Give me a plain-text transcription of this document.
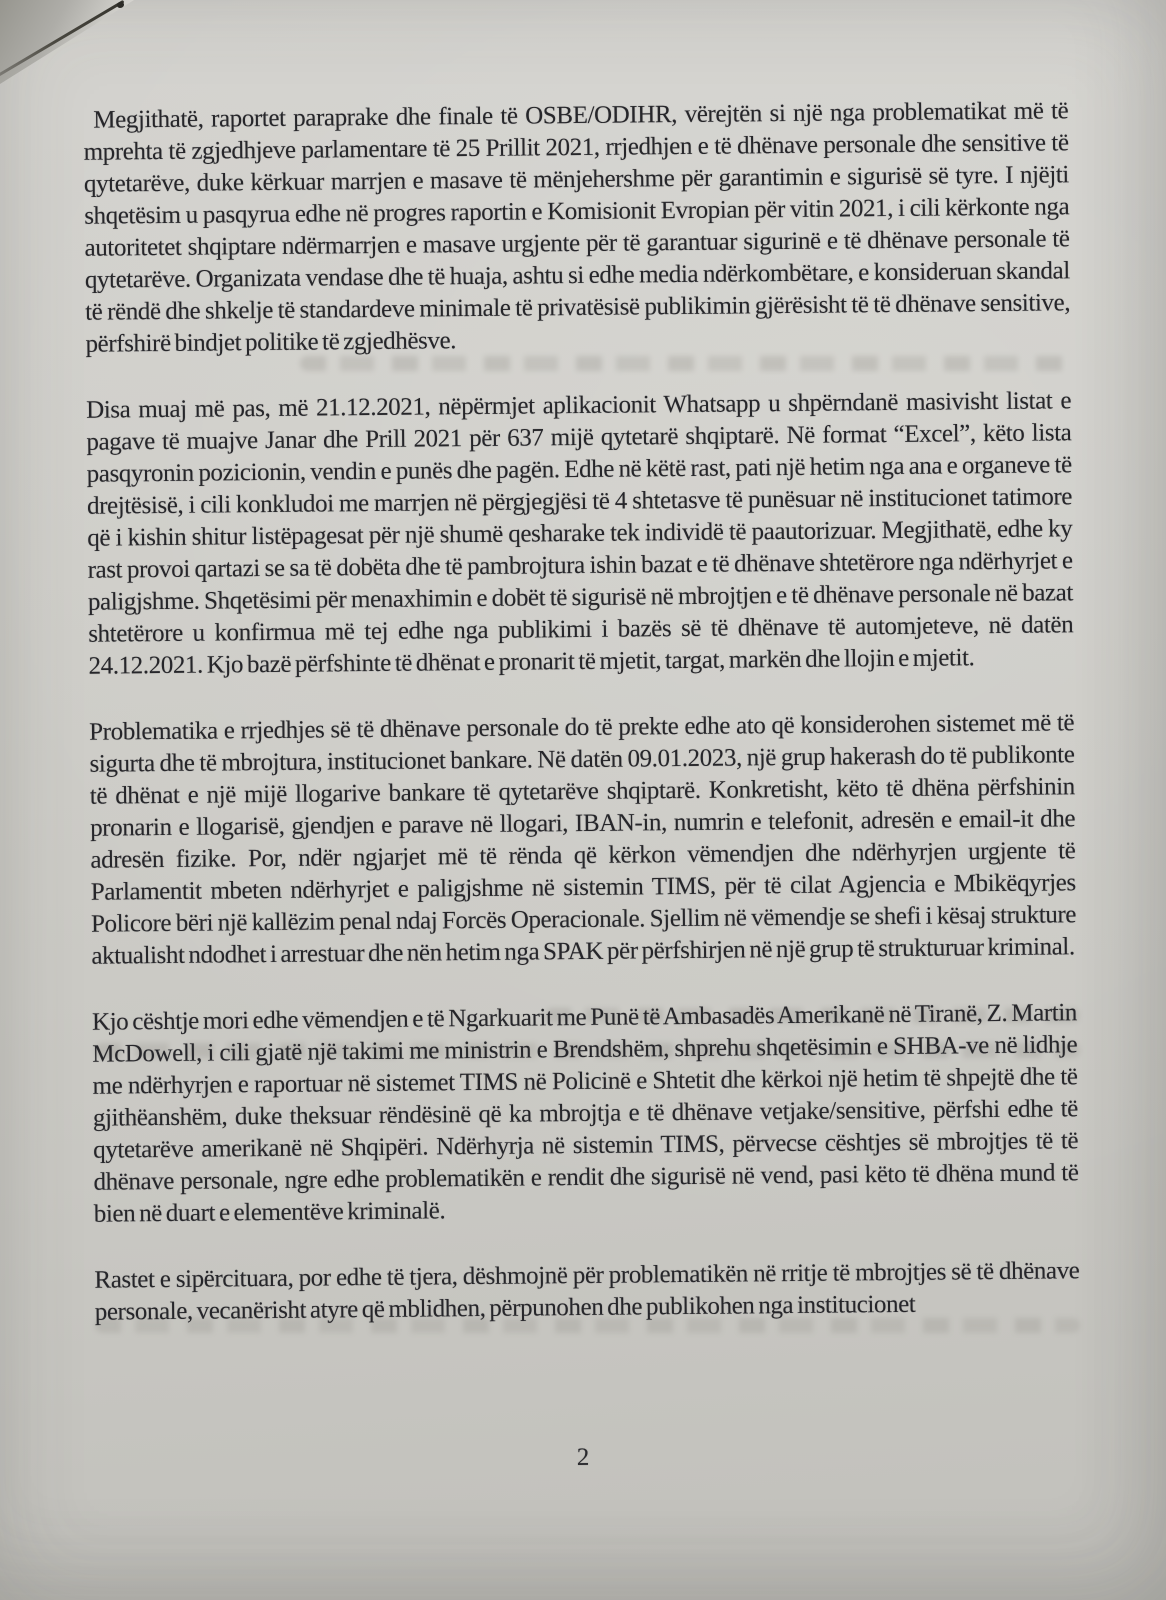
Megjithatë, raportet paraprake dhe finale të OSBE/ODIHR, vërejtën si një nga problematikat më të mprehta të zgjedhjeve parlamentare të 25 Prillit 2021, rrjedhjen e të dhënave personale dhe sensitive të qytetarëve, duke kërkuar marrjen e masave të mënjehershme për garantimin e sigurisë së tyre. I njëjti shqetësim u pasqyrua edhe në progres raportin e Komisionit Evropian për vitin 2021, i cili kërkonte nga autoritetet shqiptare ndërmarrjen e masave urgjente për të garantuar sigurinë e të dhënave personale të qytetarëve. Organizata vendase dhe të huaja, ashtu si edhe media ndërkombëtare, e konsideruan skandal të rëndë dhe shkelje të standardeve minimale të privatësisë publikimin gjërësisht të të dhënave sensitive, përfshirë bindjet politike të zgjedhësve.

Disa muaj më pas, më 21.12.2021, nëpërmjet aplikacionit Whatsapp u shpërndanë masivisht listat e pagave të muajve Janar dhe Prill 2021 për 637 mijë qytetarë shqiptarë. Në format “Excel”, këto lista pasqyronin pozicionin, vendin e punës dhe pagën. Edhe në këtë rast, pati një hetim nga ana e organeve të drejtësisë, i cili konkludoi me marrjen në përgjegjësi të 4 shtetasve të punësuar në institucionet tatimore që i kishin shitur listëpagesat për një shumë qesharake tek individë të paautorizuar. Megjithatë, edhe ky rast provoi qartazi se sa të dobëta dhe të pambrojtura ishin bazat e të dhënave shtetërore nga ndërhyrjet e paligjshme. Shqetësimi për menaxhimin e dobët të sigurisë në mbrojtjen e të dhënave personale në bazat shtetërore u konfirmua më tej edhe nga publikimi i bazës së të dhënave të automjeteve, në datën 24.12.2021. Kjo bazë përfshinte të dhënat e pronarit të mjetit, targat, markën dhe llojin e mjetit.

Problematika e rrjedhjes së të dhënave personale do të prekte edhe ato që konsiderohen sistemet më të sigurta dhe të mbrojtura, institucionet bankare. Në datën 09.01.2023, një grup hakerash do të publikonte të dhënat e një mijë llogarive bankare të qytetarëve shqiptarë. Konkretisht, këto të dhëna përfshinin pronarin e llogarisë, gjendjen e parave në llogari, IBAN-in, numrin e telefonit, adresën e email-it dhe adresën fizike. Por, ndër ngjarjet më të rënda që kërkon vëmendjen dhe ndërhyrjen urgjente të Parlamentit mbeten ndërhyrjet e paligjshme në sistemin TIMS, për të cilat Agjencia e Mbikëqyrjes Policore bëri një kallëzim penal ndaj Forcës Operacionale. Sjellim në vëmendje se shefi i kësaj strukture aktualisht ndodhet i arrestuar dhe nën hetim nga SPAK për përfshirjen në një grup të strukturuar kriminal.

Kjo cështje mori edhe vëmendjen e të Ngarkuarit me Punë të Ambasadës Amerikanë në Tiranë, Z. Martin McDowell, i cili gjatë një takimi me ministrin e Brendshëm, shprehu shqetësimin e SHBA-ve në lidhje me ndërhyrjen e raportuar në sistemet TIMS në Policinë e Shtetit dhe kërkoi një hetim të shpejtë dhe të gjithëanshëm, duke theksuar rëndësinë që ka mbrojtja e të dhënave vetjake/sensitive, përfshi edhe të qytetarëve amerikanë në Shqipëri. Ndërhyrja në sistemin TIMS, përvecse cështjes së mbrojtjes të të dhënave personale, ngre edhe problematikën e rendit dhe sigurisë në vend, pasi këto të dhëna mund të bien në duart e elementëve kriminalë.

Rastet e sipërcituara, por edhe të tjera, dëshmojnë për problematikën në rritje të mbrojtjes së të dhënave personale, vecanërisht atyre që mblidhen, përpunohen dhe publikohen nga institucionet

2
